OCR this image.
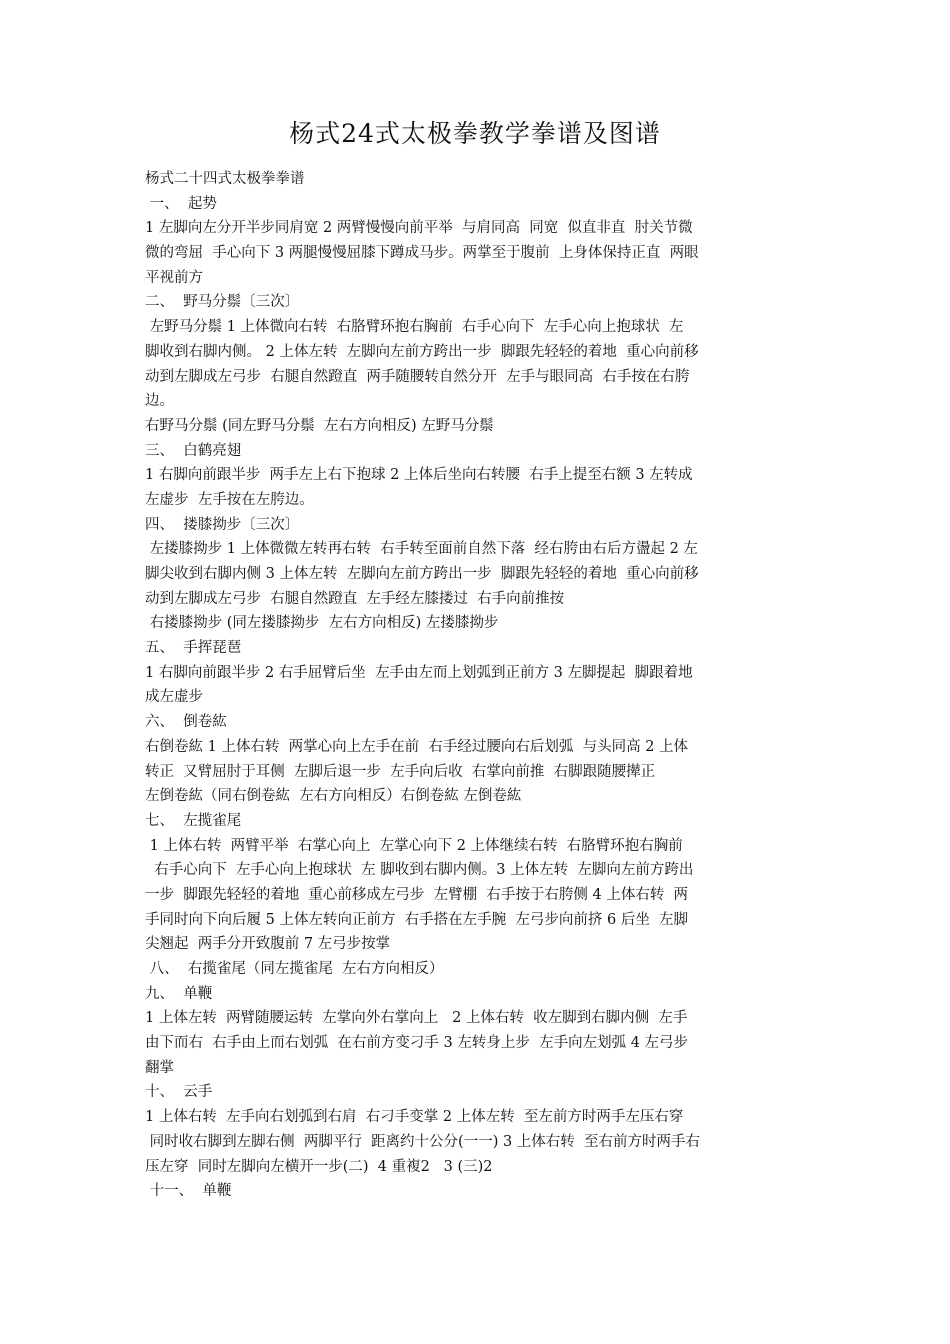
杨式24式太极拳教学拳谱及图谱
杨式二十四式太极拳拳谱
一、  起势
1 左脚向左分开半步同肩宽 2 两臂慢慢向前平举  与肩同高  同宽  似直非直  肘关节微
微的弯屈  手心向下 3 两腿慢慢屈膝下蹲成马步。两掌至于腹前  上身体保持正直  两眼
平视前方
二、  野马分鬃〔三次〕
左野马分鬃 1 上体微向右转  右胳臂环抱右胸前  右手心向下  左手心向上抱球状  左
脚收到右脚内侧。 2 上体左转  左脚向左前方跨出一步  脚跟先轻轻的着地  重心向前移
动到左脚成左弓步  右腿自然蹬直  两手随腰转自然分开  左手与眼同高  右手按在右胯
边。
右野马分鬃 (同左野马分鬃  左右方向相反) 左野马分鬃
三、  白鹤亮翅
1 右脚向前跟半步  两手左上右下抱球 2 上体后坐向右转腰  右手上提至右额 3 左转成
左虚步  左手按在左胯边。
四、  搂膝拗步〔三次〕
左搂膝拗步 1 上体微微左转再右转  右手转至面前自然下落  经右胯由右后方盪起 2 左
脚尖收到右脚内侧 3 上体左转  左脚向左前方跨出一步  脚跟先轻轻的着地  重心向前移
动到左脚成左弓步  右腿自然蹬直  左手经左膝搂过  右手向前推按
右搂膝拗步 (同左搂膝拗步  左右方向相反) 左搂膝拗步
五、  手挥琵琶
1 右脚向前跟半步 2 右手屈臂后坐  左手由左而上划弧到正前方 3 左脚提起  脚跟着地
成左虚步
六、  倒卷紘
右倒卷紘 1 上体右转  两掌心向上左手在前  右手经过腰向右后划弧  与头同高 2 上体
转正  又臂屈肘于耳侧  左脚后退一步  左手向后收  右掌向前推  右脚跟随腰撵正
左倒卷紘（同右倒卷紘  左右方向相反）右倒卷紘 左倒卷紘
七、  左揽雀尾
1 上体右转  两臂平举  右掌心向上  左掌心向下 2 上体继续右转  右胳臂环抱右胸前
右手心向下  左手心向上抱球状  左 脚收到右脚内侧。3 上体左转  左脚向左前方跨出
一步  脚跟先轻轻的着地  重心前移成左弓步  左臂棚  右手按于右胯侧 4 上体右转  两
手同时向下向后履 5 上体左转向正前方  右手搭在左手腕  左弓步向前挤 6 后坐  左脚
尖翘起  两手分开致腹前 7 左弓步按掌
八、  右揽雀尾（同左揽雀尾  左右方向相反）
九、  单鞭
1 上体左转  两臂随腰运转  左掌向外右掌向上   2 上体右转  收左脚到右脚内侧  左手
由下而右  右手由上而右划弧  在右前方变刁手 3 左转身上步  左手向左划弧 4 左弓步
翻掌
十、  云手
1 上体右转  左手向右划弧到右肩  右刁手变掌 2 上体左转  至左前方时两手左压右穿
同时收右脚到左脚右侧  两脚平行  距离约十公分(一一) 3 上体右转  至右前方时两手右
压左穿  同时左脚向左横开一步(二)  4 重複2   3 (三)2
十一、  单鞭
